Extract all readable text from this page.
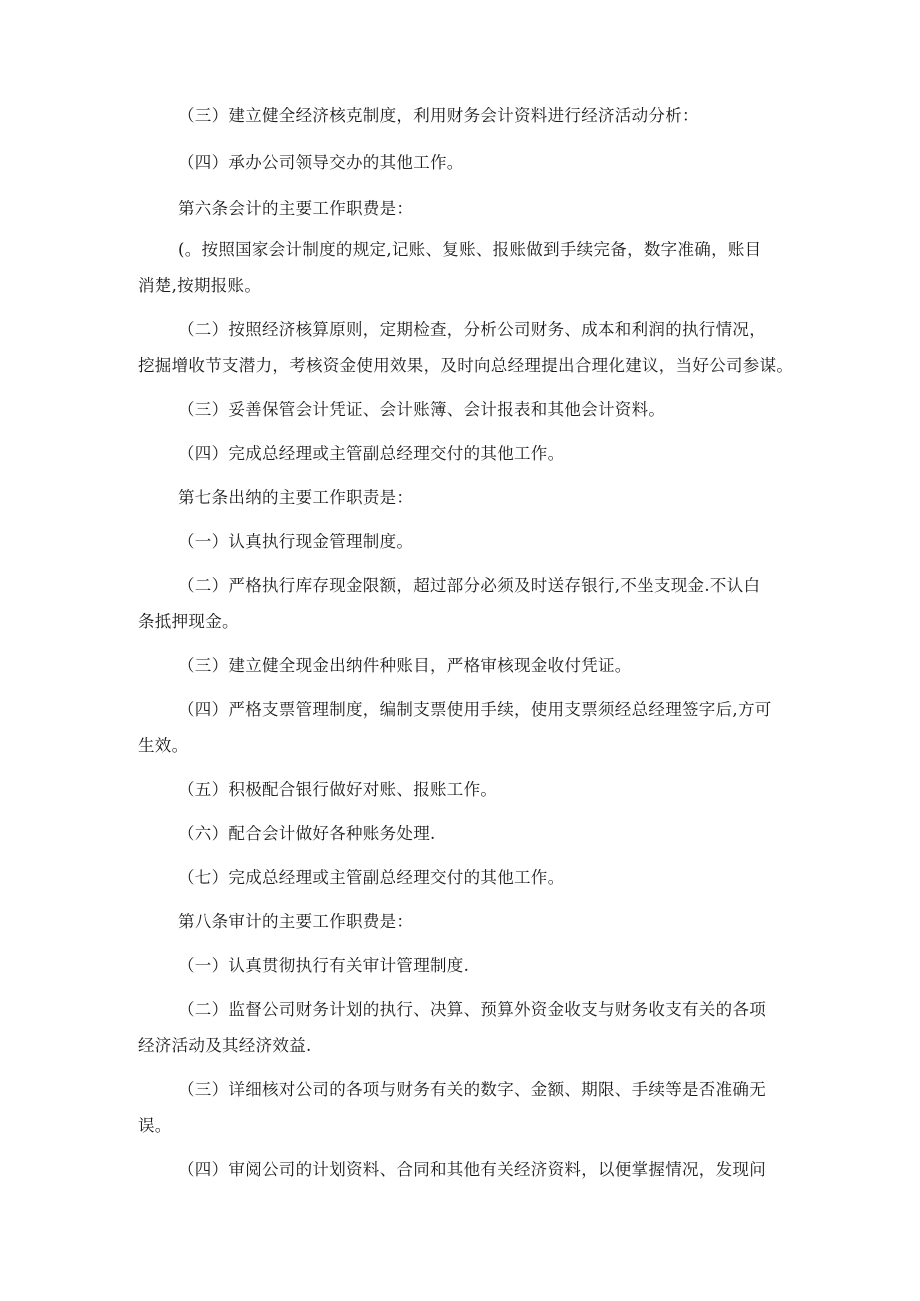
（三）建立健全经济核克制度，利用财务会计资料进行经济活动分析：
（四）承办公司领导交办的其他工作。
第六条会计的主要工作职费是：
(。按照国家会计制度的规定,记账、复账、报账做到手续完备，数字准确，账目
消楚,按期报账。
（二）按照经济核算原则，定期检查，分析公司财务、成本和利润的执行情况，
挖掘增收节支潜力，考核资金使用效果，及时向总经理提出合理化建议，当好公司参谋。
（三）妥善保管会计凭证、会计账簿、会计报表和其他会计资料。
（四）完成总经理或主管副总经理交付的其他工作。
第七条出纳的主要工作职责是：
（一）认真执行现金管理制度。
（二）严格执行库存现金限额，超过部分必须及时送存银行,不坐支现金.不认白
条抵押现金。
（三）建立健全现金出纳件种账目，严格审核现金收付凭证。
（四）严格支票管理制度，编制支票使用手续，使用支票须经总经理签字后,方可
生效。
（五）积极配合银行做好对账、报账工作。
（六）配合会计做好各种账务处理.
（七）完成总经理或主管副总经理交付的其他工作。
第八条审计的主要工作职费是：
（一）认真贯彻执行有关审计管理制度.
（二）监督公司财务计划的执行、决算、预算外资金收支与财务收支有关的各项
经济活动及其经济效益.
（三）详细核对公司的各项与财务有关的数字、金额、期限、手续等是否准确无
误。
（四）审阅公司的计划资料、合同和其他有关经济资料，以便掌握情况，发现问
